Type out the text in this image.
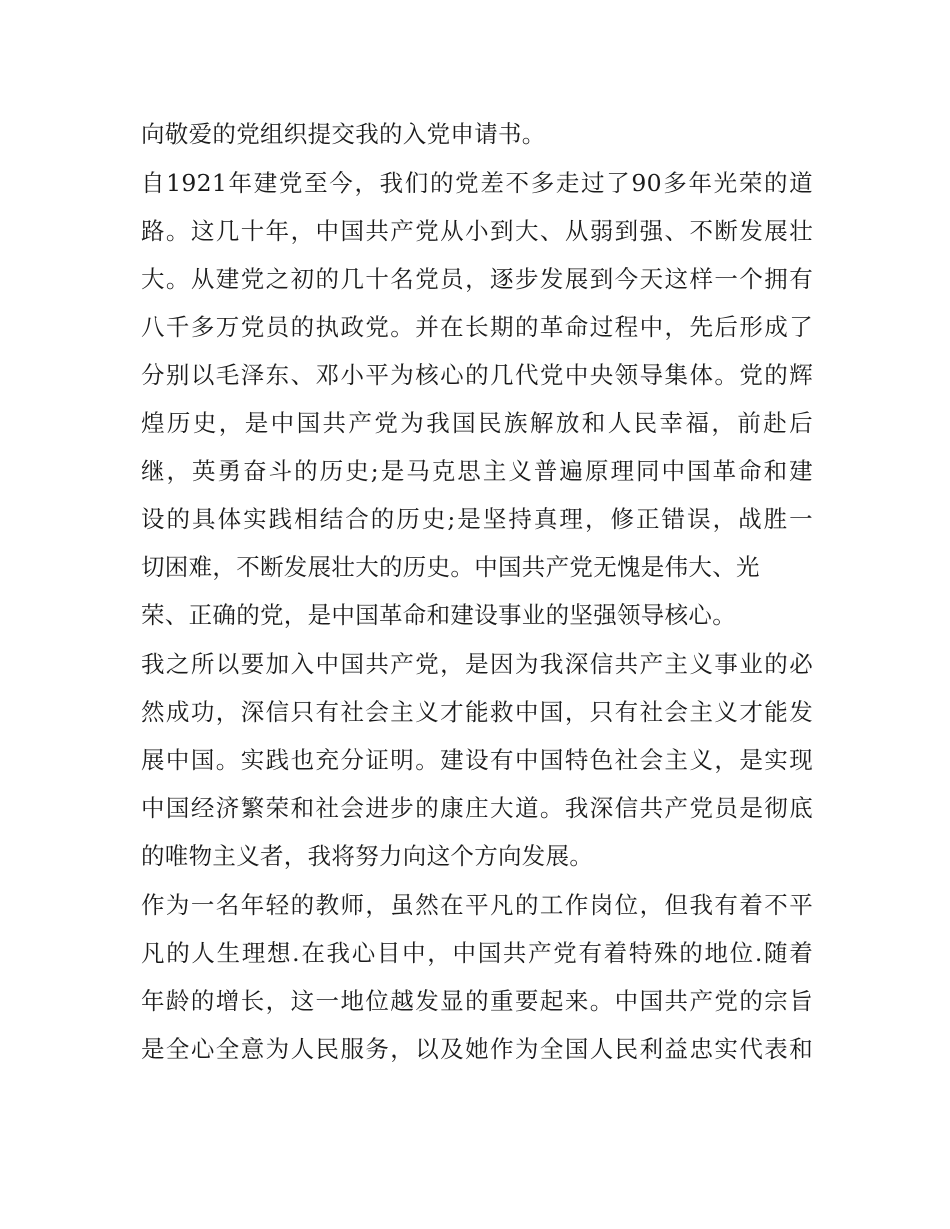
向敬爱的党组织提交我的入党申请书。
自1921年建党至今，我们的党差不多走过了90多年光荣的道
路。这几十年，中国共产党从小到大、从弱到强、不断发展壮
大。从建党之初的几十名党员，逐步发展到今天这样一个拥有
八千多万党员的执政党。并在长期的革命过程中，先后形成了
分别以毛泽东、邓小平为核心的几代党中央领导集体。党的辉
煌历史，是中国共产党为我国民族解放和人民幸福，前赴后
继，英勇奋斗的历史;是马克思主义普遍原理同中国革命和建
设的具体实践相结合的历史;是坚持真理，修正错误，战胜一
切困难，不断发展壮大的历史。中国共产党无愧是伟大、光
荣、正确的党，是中国革命和建设事业的坚强领导核心。
我之所以要加入中国共产党，是因为我深信共产主义事业的必
然成功，深信只有社会主义才能救中国，只有社会主义才能发
展中国。实践也充分证明。建设有中国特色社会主义，是实现
中国经济繁荣和社会进步的康庄大道。我深信共产党员是彻底
的唯物主义者，我将努力向这个方向发展。
作为一名年轻的教师，虽然在平凡的工作岗位，但我有着不平
凡的人生理想.在我心目中，中国共产党有着特殊的地位.随着
年龄的增长，这一地位越发显的重要起来。中国共产党的宗旨
是全心全意为人民服务，以及她作为全国人民利益忠实代表和
